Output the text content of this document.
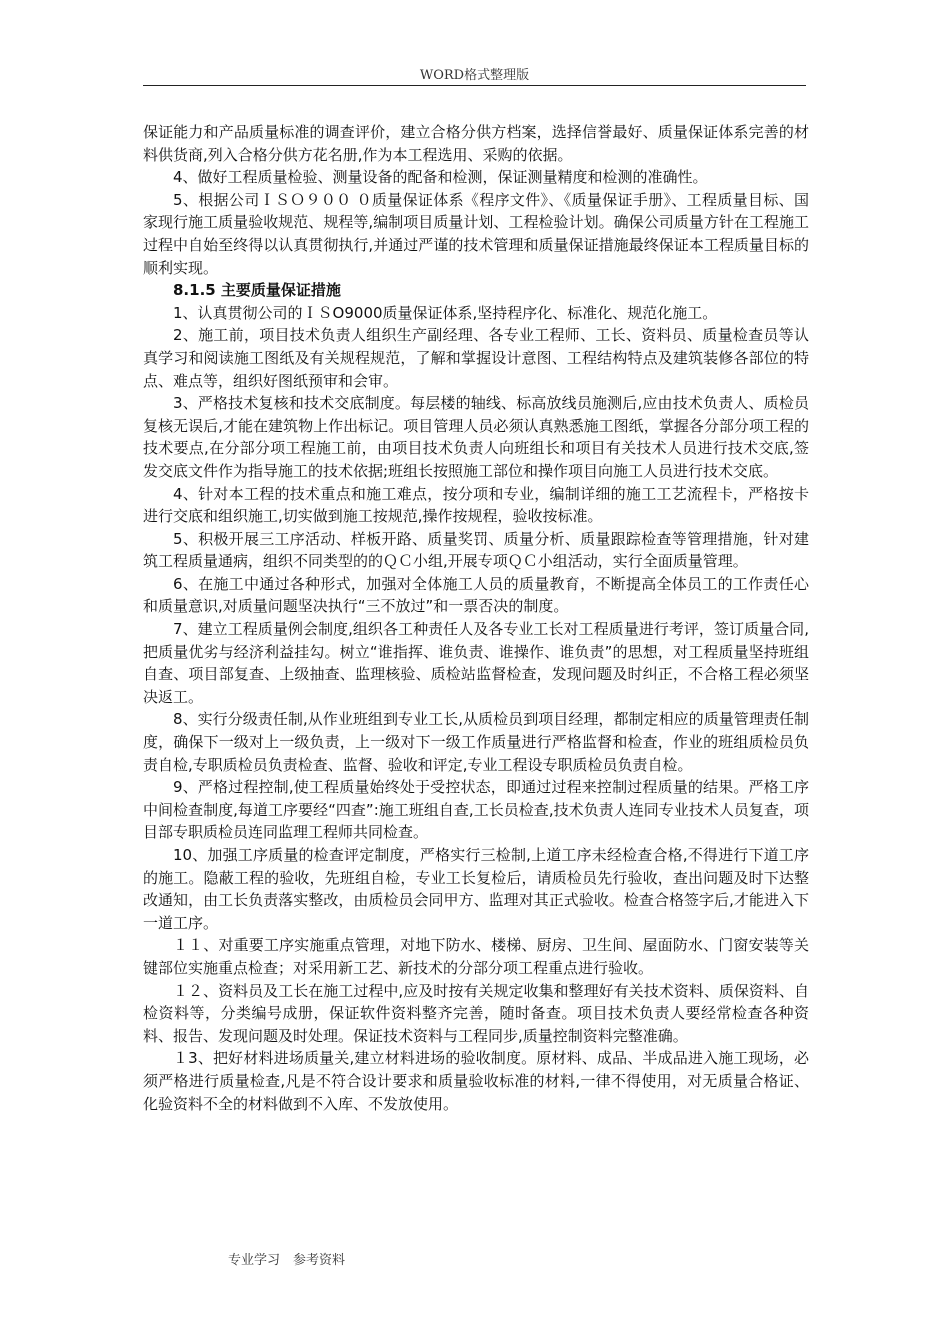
WORD格式整理版

保证能力和产品质量标准的调查评价，建立合格分供方档案，选择信誉最好、质量保证体系完善的材料供货商,列入合格分供方花名册,作为本工程选用、采购的依据。

4、做好工程质量检验、测量设备的配备和检测，保证测量精度和检测的准确性。

5、根据公司ＩＳＯ９００ ０质量保证体系《程序文件》、《质量保证手册》、工程质量目标、国家现行施工质量验收规范、规程等,编制项目质量计划、工程检验计划。确保公司质量方针在工程施工过程中自始至终得以认真贯彻执行,并通过严谨的技术管理和质量保证措施最终保证本工程质量目标的顺利实现。

8.1.5 主要质量保证措施

1、认真贯彻公司的ＩＳO9000质量保证体系,坚持程序化、标准化、规范化施工。

2、施工前，项目技术负责人组织生产副经理、各专业工程师、工长、资料员、质量检查员等认真学习和阅读施工图纸及有关规程规范，了解和掌握设计意图、工程结构特点及建筑装修各部位的特点、难点等，组织好图纸预审和会审。

3、严格技术复核和技术交底制度。每层楼的轴线、标高放线员施测后,应由技术负责人、质检员复核无误后,才能在建筑物上作出标记。项目管理人员必须认真熟悉施工图纸，掌握各分部分项工程的技术要点,在分部分项工程施工前，由项目技术负责人向班组长和项目有关技术人员进行技术交底,签发交底文件作为指导施工的技术依据;班组长按照施工部位和操作项目向施工人员进行技术交底。

4、针对本工程的技术重点和施工难点，按分项和专业，编制详细的施工工艺流程卡，严格按卡进行交底和组织施工,切实做到施工按规范,操作按规程，验收按标准。

5、积极开展三工序活动、样板开路、质量奖罚、质量分析、质量跟踪检查等管理措施，针对建筑工程质量通病，组织不同类型的的ＱＣ小组,开展专项ＱＣ小组活动，实行全面质量管理。

6、在施工中通过各种形式，加强对全体施工人员的质量教育，不断提高全体员工的工作责任心和质量意识,对质量问题坚决执行“三不放过”和一票否决的制度。

7、建立工程质量例会制度,组织各工种责任人及各专业工长对工程质量进行考评，签订质量合同,把质量优劣与经济利益挂勾。树立“谁指挥、谁负责、谁操作、谁负责”的思想，对工程质量坚持班组自查、项目部复查、上级抽查、监理核验、质检站监督检查，发现问题及时纠正，不合格工程必须坚决返工。

8、实行分级责任制,从作业班组到专业工长,从质检员到项目经理，都制定相应的质量管理责任制度，确保下一级对上一级负责，上一级对下一级工作质量进行严格监督和检查，作业的班组质检员负责自检,专职质检员负责检查、监督、验收和评定,专业工程设专职质检员负责自检。

9、严格过程控制,使工程质量始终处于受控状态，即通过过程来控制过程质量的结果。严格工序中间检查制度,每道工序要经“四查”:施工班组自查,工长员检查,技术负责人连同专业技术人员复查，项目部专职质检员连同监理工程师共同检查。

10、加强工序质量的检查评定制度，严格实行三检制,上道工序未经检查合格,不得进行下道工序的施工。隐蔽工程的验收，先班组自检，专业工长复检后，请质检员先行验收，查出问题及时下达整改通知，由工长负责落实整改，由质检员会同甲方、监理对其正式验收。检查合格签字后,才能进入下一道工序。

１１、对重要工序实施重点管理，对地下防水、楼梯、厨房、卫生间、屋面防水、门窗安装等关键部位实施重点检查；对采用新工艺、新技术的分部分项工程重点进行验收。

１２、资料员及工长在施工过程中,应及时按有关规定收集和整理好有关技术资料、质保资料、自检资料等，分类编号成册，保证软件资料整齐完善，随时备查。项目技术负责人要经常检查各种资料、报告、发现问题及时处理。保证技术资料与工程同步,质量控制资料完整准确。

１3、把好材料进场质量关,建立材料进场的验收制度。原材料、成品、半成品进入施工现场，必须严格进行质量检查,凡是不符合设计要求和质量验收标准的材料,一律不得使用，对无质量合格证、化验资料不全的材料做到不入库、不发放使用。

专业学习　参考资料
